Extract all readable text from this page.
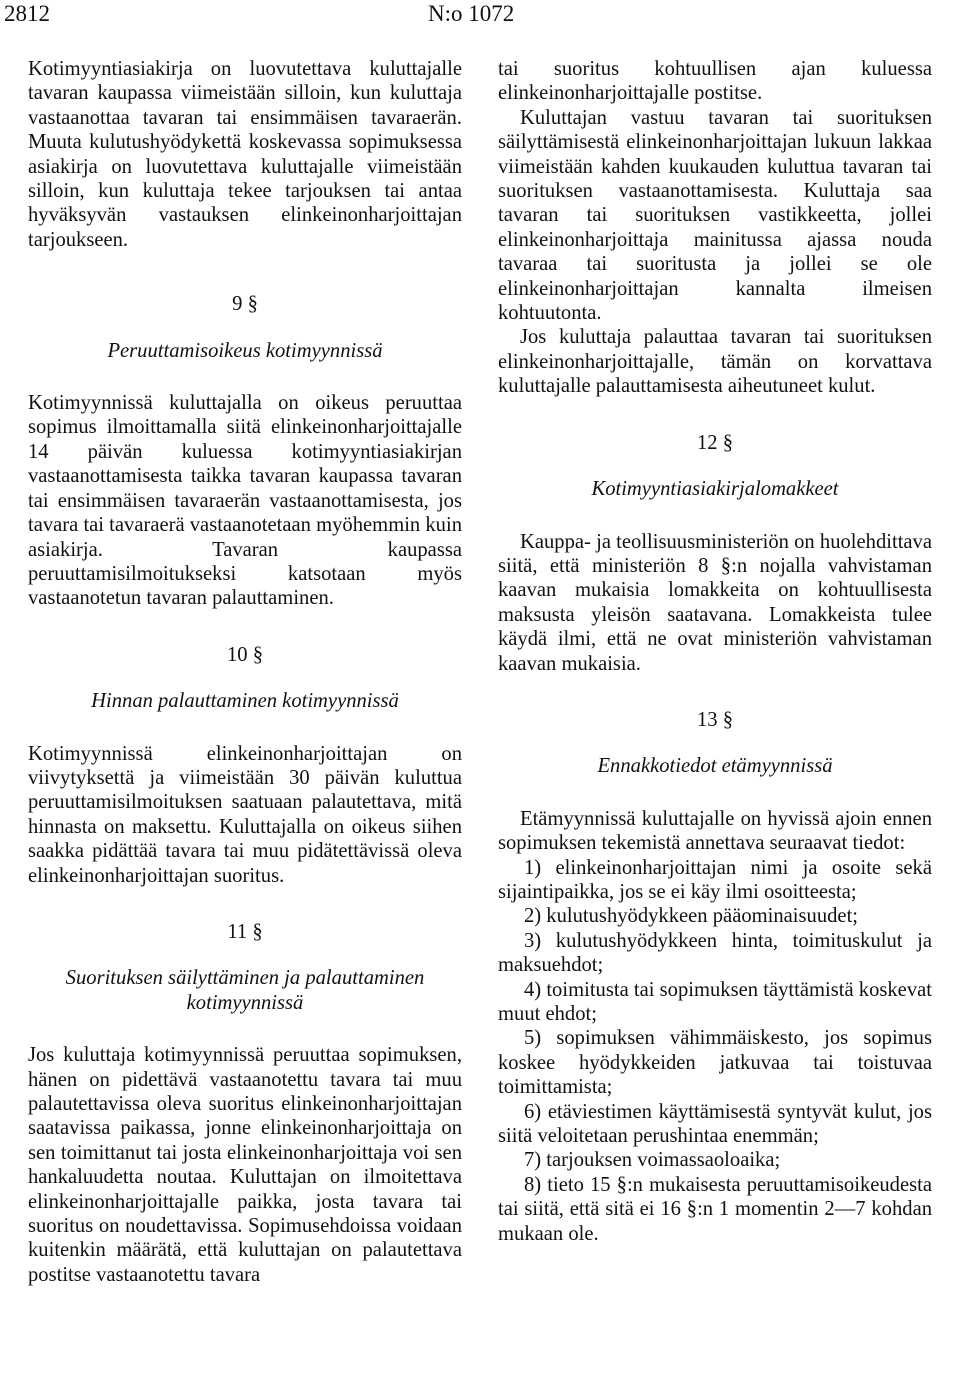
2812	N:o 1072

Kotimyyntiasiakirja on luovutettava kuluttajalle tavaran kaupassa viimeistään silloin, kun kuluttaja vastaanottaa tavaran tai ensimmäisen tavaraerän. Muuta kulutushyödykettä koskevassa sopimuksessa asiakirja on luovutettava kuluttajalle viimeistään silloin, kun kuluttaja tekee tarjouksen tai antaa hyväksyvän vastauksen elinkeinonharjoittajan tarjoukseen.

9 §

Peruuttamisoikeus kotimyynnissä

Kotimyynnissä kuluttajalla on oikeus peruuttaa sopimus ilmoittamalla siitä elinkeinonharjoittajalle 14 päivän kuluessa kotimyyntiasiakirjan vastaanottamisesta taikka tavaran kaupassa tavaran tai ensimmäisen tavaraerän vastaanottamisesta, jos tavara tai tavaraerä vastaanotetaan myöhemmin kuin asiakirja. Tavaran kaupassa peruuttamisilmoitukseksi katsotaan myös vastaanotetun tavaran palauttaminen.

10 §

Hinnan palauttaminen kotimyynnissä

Kotimyynnissä elinkeinonharjoittajan on viivytyksettä ja viimeistään 30 päivän kuluttua peruuttamisilmoituksen saatuaan palautettava, mitä hinnasta on maksettu. Kuluttajalla on oikeus siihen saakka pidättää tavara tai muu pidätettävissä oleva elinkeinonharjoittajan suoritus.

11 §

Suorituksen säilyttäminen ja palauttaminen kotimyynnissä

Jos kuluttaja kotimyynnissä peruuttaa sopimuksen, hänen on pidettävä vastaanotettu tavara tai muu palautettavissa oleva suoritus elinkeinonharjoittajan saatavissa paikassa, jonne elinkeinonharjoittaja on sen toimittanut tai josta elinkeinonharjoittaja voi sen hankaluudetta noutaa. Kuluttajan on ilmoitettava elinkeinonharjoittajalle paikka, josta tavara tai suoritus on noudettavissa. Sopimusehdoissa voidaan kuitenkin määrätä, että kuluttajan on palautettava postitse vastaanotettu tavara

tai suoritus kohtuullisen ajan kuluessa elinkeinonharjoittajalle postitse.

Kuluttajan vastuu tavaran tai suorituksen säilyttämisestä elinkeinonharjoittajan lukuun lakkaa viimeistään kahden kuukauden kuluttua tavaran tai suorituksen vastaanottamisesta. Kuluttaja saa tavaran tai suorituksen vastikkeetta, jollei elinkeinonharjoittaja mainitussa ajassa nouda tavaraa tai suoritusta ja jollei se ole elinkeinonharjoittajan kannalta ilmeisen kohtuutonta.

Jos kuluttaja palauttaa tavaran tai suorituksen elinkeinonharjoittajalle, tämän on korvattava kuluttajalle palauttamisesta aiheutuneet kulut.

12 §

Kotimyyntiasiakirjalomakkeet

Kauppa- ja teollisuusministeriön on huolehdittava siitä, että ministeriön 8 §:n nojalla vahvistaman kaavan mukaisia lomakkeita on kohtuullisesta maksusta yleisön saatavana. Lomakkeista tulee käydä ilmi, että ne ovat ministeriön vahvistaman kaavan mukaisia.

13 §

Ennakkotiedot etämyynnissä

Etämyynnissä kuluttajalle on hyvissä ajoin ennen sopimuksen tekemistä annettava seuraavat tiedot:

1) elinkeinonharjoittajan nimi ja osoite sekä sijaintipaikka, jos se ei käy ilmi osoitteesta;

2) kulutushyödykkeen pääominaisuudet;

3) kulutushyödykkeen hinta, toimituskulut ja maksuehdot;

4) toimitusta tai sopimuksen täyttämistä koskevat muut ehdot;

5) sopimuksen vähimmäiskesto, jos sopimus koskee hyödykkeiden jatkuvaa tai toistuvaa toimittamista;

6) etäviestimen käyttämisestä syntyvät kulut, jos siitä veloitetaan perushintaa enemmän;

7) tarjouksen voimassaoloaika;

8) tieto 15 §:n mukaisesta peruuttamisoikeudesta tai siitä, että sitä ei 16 §:n 1 momentin 2—7 kohdan mukaan ole.
